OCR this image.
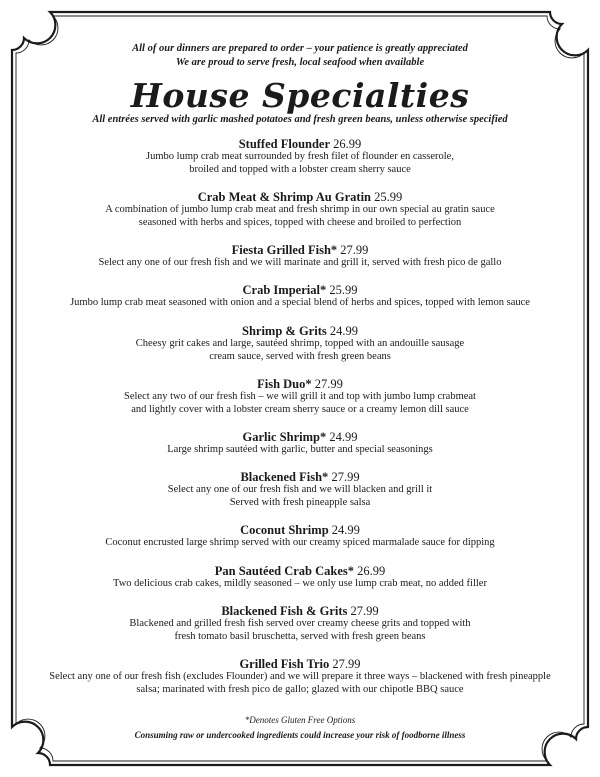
All of our dinners are prepared to order – your patience is greatly appreciated
We are proud to serve fresh, local seafood when available
House Specialties
All entrées served with garlic mashed potatoes and fresh green beans, unless otherwise specified
Stuffed Flounder 26.99
Jumbo lump crab meat surrounded by fresh filet of flounder en casserole,
broiled and topped with a lobster cream sherry sauce
Crab Meat & Shrimp Au Gratin 25.99
A combination of jumbo lump crab meat and fresh shrimp in our own special au gratin sauce
seasoned with herbs and spices, topped with cheese and broiled to perfection
Fiesta Grilled Fish* 27.99
Select any one of our fresh fish and we will marinate and grill it, served with fresh pico de gallo
Crab Imperial* 25.99
Jumbo lump crab meat seasoned with onion and a special blend of herbs and spices, topped with lemon sauce
Shrimp & Grits 24.99
Cheesy grit cakes and large, sautéed shrimp, topped with an andouille sausage
cream sauce, served with fresh green beans
Fish Duo* 27.99
Select any two of our fresh fish – we will grill it and top with jumbo lump crabmeat
and lightly cover with a lobster cream sherry sauce or a creamy lemon dill sauce
Garlic Shrimp* 24.99
Large shrimp sautéed with garlic, butter and special seasonings
Blackened Fish* 27.99
Select any one of our fresh fish and we will blacken and grill it
Served with fresh pineapple salsa
Coconut Shrimp 24.99
Coconut encrusted large shrimp served with our creamy spiced marmalade sauce for dipping
Pan Sautéed Crab Cakes* 26.99
Two delicious crab cakes, mildly seasoned – we only use lump crab meat, no added filler
Blackened Fish & Grits 27.99
Blackened and grilled fresh fish served over creamy cheese grits and topped with
fresh tomato basil bruschetta, served with fresh green beans
Grilled Fish Trio 27.99
Select any one of our fresh fish (excludes Flounder) and we will prepare it three ways – blackened with fresh pineapple
salsa; marinated with fresh pico de gallo; glazed with our chipotle BBQ sauce
*Denotes Gluten Free Options
Consuming raw or undercooked ingredients could increase your risk of foodborne illness
